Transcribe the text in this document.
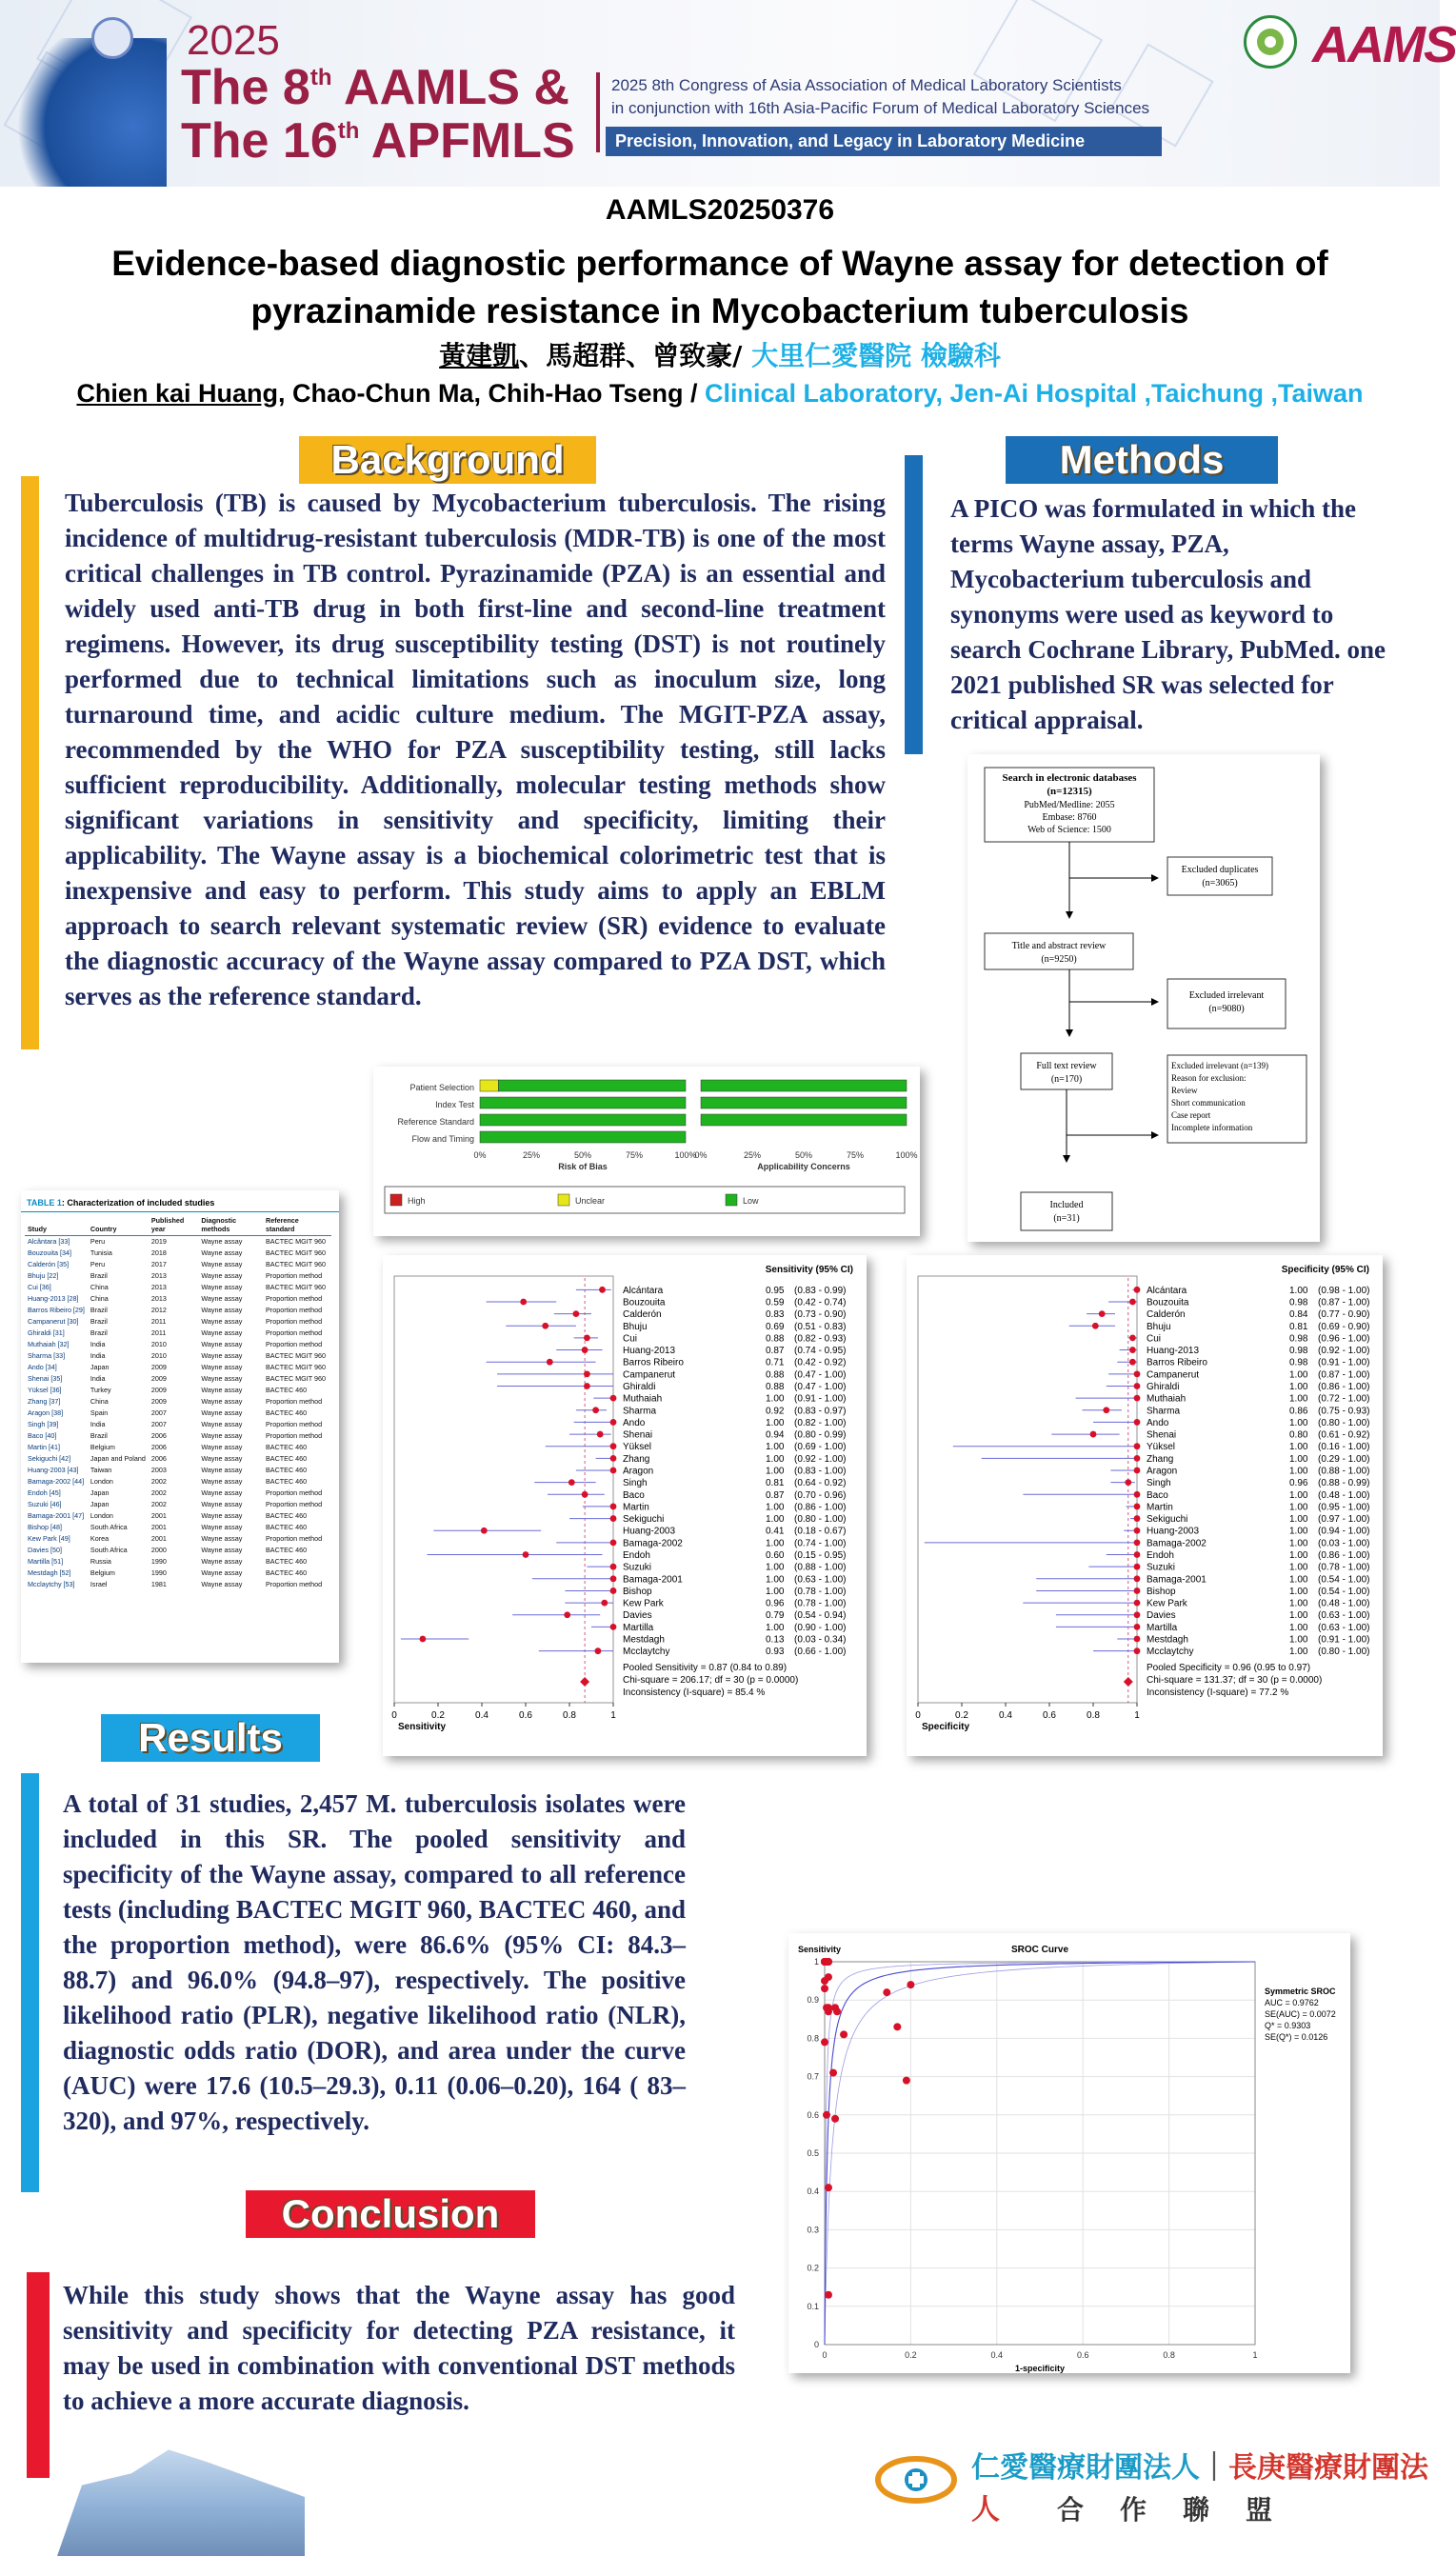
2025
The 8th AAMLS &
The 16th APFMLS
2025 8th Congress of Asia Association of Medical Laboratory Scientists
in conjunction with 16th Asia-Pacific Forum of Medical Laboratory Sciences
Precision, Innovation, and Legacy in Laboratory Medicine
AAMS
AAMLS20250376
Evidence-based diagnostic performance of Wayne assay for detection of
pyrazinamide resistance in Mycobacterium tuberculosis
黃建凱、馬超群、曾致豪/ 大里仁愛醫院 檢驗科
Chien kai Huang, Chao-Chun Ma, Chih-Hao Tseng / Clinical Laboratory, Jen-Ai Hospital ,Taichung ,Taiwan
Background
Tuberculosis (TB) is caused by Mycobacterium tuberculosis. The rising incidence of multidrug-resistant tuberculosis (MDR-TB) is one of the most critical challenges in TB control. Pyrazinamide (PZA) is an essential and widely used anti-TB drug in both first-line and second-line treatment regimens. However, its drug susceptibility testing (DST) is not routinely performed due to technical limitations such as inoculum size, long turnaround time, and acidic culture medium. The MGIT-PZA assay, recommended by the WHO for PZA susceptibility testing, still lacks sufficient reproducibility. Additionally, molecular testing methods show significant variations in sensitivity and specificity, limiting their applicability. The Wayne assay is a biochemical colorimetric test that is inexpensive and easy to perform. This study aims to apply an EBLM approach to search relevant systematic review (SR) evidence to evaluate the diagnostic accuracy of the Wayne assay compared to PZA DST, which serves as the reference standard.
Methods
A PICO was formulated in which the terms Wayne assay, PZA, Mycobacterium tuberculosis and synonyms were used as keyword to search Cochrane Library, PubMed. one 2021 published SR was selected for critical appraisal.
Search in electronic databases
(n=12315)
PubMed/Medline: 2055
Embase: 8760
Web of Science: 1500
Excluded duplicates
(n=3065)
Title and abstract review
(n=9250)
Excluded irrelevant
(n=9080)
Full text review
(n=170)
Excluded irrelevant (n=139)
Reason for exclusion:
Review
Short communication
Case report
Incomplete information
Included
(n=31)
Patient Selection
Index Test
Reference Standard
Flow and Timing
0%	0%
25%	25%
50%	50%
75%	75%
100%	100%
Risk of Bias	Applicability Concerns
High	Unclear	Low
TABLE 1: Characterization of included studies
Study	Country	Published year	Diagnostic methods	Reference standard
Alcântara [33]	Peru	2019	Wayne assay	BACTEC MGIT 960
Bouzouita [34]	Tunisia	2018	Wayne assay	BACTEC MGIT 960
Calderón [35]	Peru	2017	Wayne assay	BACTEC MGIT 960
Bhuju [22]	Brazil	2013	Wayne assay	Proportion method
Cui [36]	China	2013	Wayne assay	BACTEC MGIT 960
Huang-2013 [28]	China	2013	Wayne assay	Proportion method
Barros Ribeiro [29]	Brazil	2012	Wayne assay	Proportion method
Campanerut [30]	Brazil	2011	Wayne assay	Proportion method
Ghiraldi [31]	Brazil	2011	Wayne assay	Proportion method
Muthaiah [32]	India	2010	Wayne assay	Proportion method
Sharma [33]	India	2010	Wayne assay	BACTEC MGIT 960
Ando [34]	Japan	2009	Wayne assay	BACTEC MGIT 960
Shenai [35]	India	2009	Wayne assay	BACTEC MGIT 960
Yüksel [36]	Turkey	2009	Wayne assay	BACTEC 460
Zhang [37]	China	2009	Wayne assay	Proportion method
Aragon [38]	Spain	2007	Wayne assay	BACTEC 460
Singh [39]	India	2007	Wayne assay	Proportion method
Baco [40]	Brazil	2006	Wayne assay	Proportion method
Martin [41]	Belgium	2006	Wayne assay	BACTEC 460
Sekiguchi [42]	Japan and Poland	2006	Wayne assay	BACTEC 460
Huang-2003 [43]	Taiwan	2003	Wayne assay	BACTEC 460
Bamaga-2002 [44]	London	2002	Wayne assay	BACTEC 460
Endoh [45]	Japan	2002	Wayne assay	Proportion method
Suzuki [46]	Japan	2002	Wayne assay	Proportion method
Bamaga-2001 [47]	London	2001	Wayne assay	BACTEC 460
Bishop [48]	South Africa	2001	Wayne assay	BACTEC 460
Kew Park [49]	Korea	2001	Wayne assay	Proportion method
Davies [50]	South Africa	2000	Wayne assay	BACTEC 460
Martilla [51]	Russia	1990	Wayne assay	BACTEC 460
Mestdagh [52]	Belgium	1990	Wayne assay	BACTEC 460
Mcclaytchy [53]	Israel	1981	Wayne assay	Proportion method
Sensitivity (95% CI)
Alcántara	0.95 (0.83 - 0.99)
Bouzouita	0.59 (0.42 - 0.74)
Calderón	0.83 (0.73 - 0.90)
Bhuju	0.69 (0.51 - 0.83)
Cui	0.88 (0.82 - 0.93)
Huang-2013	0.87 (0.74 - 0.95)
Barros Ribeiro	0.71 (0.42 - 0.92)
Campanerut	0.88 (0.47 - 1.00)
Ghiraldi	0.88 (0.47 - 1.00)
Muthaiah	1.00 (0.91 - 1.00)
Sharma	0.92 (0.83 - 0.97)
Ando	1.00 (0.82 - 1.00)
Shenai	0.94 (0.80 - 0.99)
Yüksel	1.00 (0.69 - 1.00)
Zhang	1.00 (0.92 - 1.00)
Aragon	1.00 (0.83 - 1.00)
Singh	0.81 (0.64 - 0.92)
Baco	0.87 (0.70 - 0.96)
Martin	1.00 (0.86 - 1.00)
Sekiguchi	1.00 (0.80 - 1.00)
Huang-2003	0.41 (0.18 - 0.67)
Bamaga-2002	1.00 (0.74 - 1.00)
Endoh	0.60 (0.15 - 0.95)
Suzuki	1.00 (0.88 - 1.00)
Bamaga-2001	1.00 (0.63 - 1.00)
Bishop	1.00 (0.78 - 1.00)
Kew Park	0.96 (0.78 - 1.00)
Davies	0.79 (0.54 - 0.94)
Martilla	1.00 (0.90 - 1.00)
Mestdagh	0.13 (0.03 - 0.34)
Mcclaytchy	0.93 (0.66 - 1.00)
Pooled Sensitivity = 0.87 (0.84 to 0.89)
Chi-square = 206.17; df = 30 (p = 0.0000)
Inconsistency (I-square) = 85.4 %
0	0.2	0.4	0.6	0.8	1
Sensitivity
Specificity (95% CI)
Alcántara	1.00 (0.98 - 1.00)
Bouzouita	0.98 (0.87 - 1.00)
Calderón	0.84 (0.77 - 0.90)
Bhuju	0.81 (0.69 - 0.90)
Cui	0.98 (0.96 - 1.00)
Huang-2013	0.98 (0.92 - 1.00)
Barros Ribeiro	0.98 (0.91 - 1.00)
Campanerut	1.00 (0.87 - 1.00)
Ghiraldi	1.00 (0.86 - 1.00)
Muthaiah	1.00 (0.72 - 1.00)
Sharma	0.86 (0.75 - 0.93)
Ando	1.00 (0.80 - 1.00)
Shenai	0.80 (0.61 - 0.92)
Yüksel	1.00 (0.16 - 1.00)
Zhang	1.00 (0.29 - 1.00)
Aragon	1.00 (0.88 - 1.00)
Singh	0.96 (0.88 - 0.99)
Baco	1.00 (0.48 - 1.00)
Martin	1.00 (0.95 - 1.00)
Sekiguchi	1.00 (0.97 - 1.00)
Huang-2003	1.00 (0.94 - 1.00)
Bamaga-2002	1.00 (0.03 - 1.00)
Endoh	1.00 (0.86 - 1.00)
Suzuki	1.00 (0.78 - 1.00)
Bamaga-2001	1.00 (0.54 - 1.00)
Bishop	1.00 (0.54 - 1.00)
Kew Park	1.00 (0.48 - 1.00)
Davies	1.00 (0.63 - 1.00)
Martilla	1.00 (0.63 - 1.00)
Mestdagh	1.00 (0.91 - 1.00)
Mcclaytchy	1.00 (0.80 - 1.00)
Pooled Specificity = 0.96 (0.95 to 0.97)
Chi-square = 131.37; df = 30 (p = 0.0000)
Inconsistency (I-square) = 77.2 %
0	0.2	0.4	0.6	0.8	1
Specificity
Results
A total of 31 studies, 2,457 M. tuberculosis isolates were included in this SR. The pooled sensitivity and specificity of the Wayne assay, compared to all reference tests (including BACTEC MGIT 960, BACTEC 460, and the proportion method), were 86.6% (95% CI: 84.3–88.7) and 96.0% (94.8–97), respectively. The positive likelihood ratio (PLR), negative likelihood ratio (NLR), diagnostic odds ratio (DOR), and area under the curve (AUC) were 17.6 (10.5–29.3), 0.11 (0.06–0.20), 164 ( 83–320), and 97%, respectively.
0
0.1
0.2
0.3
0.4
0.5
0.6
0.7
0.8
0.9
1
0	0.2	0.4	0.6	0.8	1
SROC Curve
Sensitivity
1-specificity
Symmetric SROC
AUC = 0.9762
SE(AUC) = 0.0072
Q* = 0.9303
SE(Q*) = 0.0126
Conclusion
While this study shows that the Wayne assay has good sensitivity and specificity for detecting PZA resistance, it may be used in combination with conventional DST methods to achieve a more accurate diagnosis.
仁愛醫療財團法人｜長庚醫療財團法人	合作聯盟
